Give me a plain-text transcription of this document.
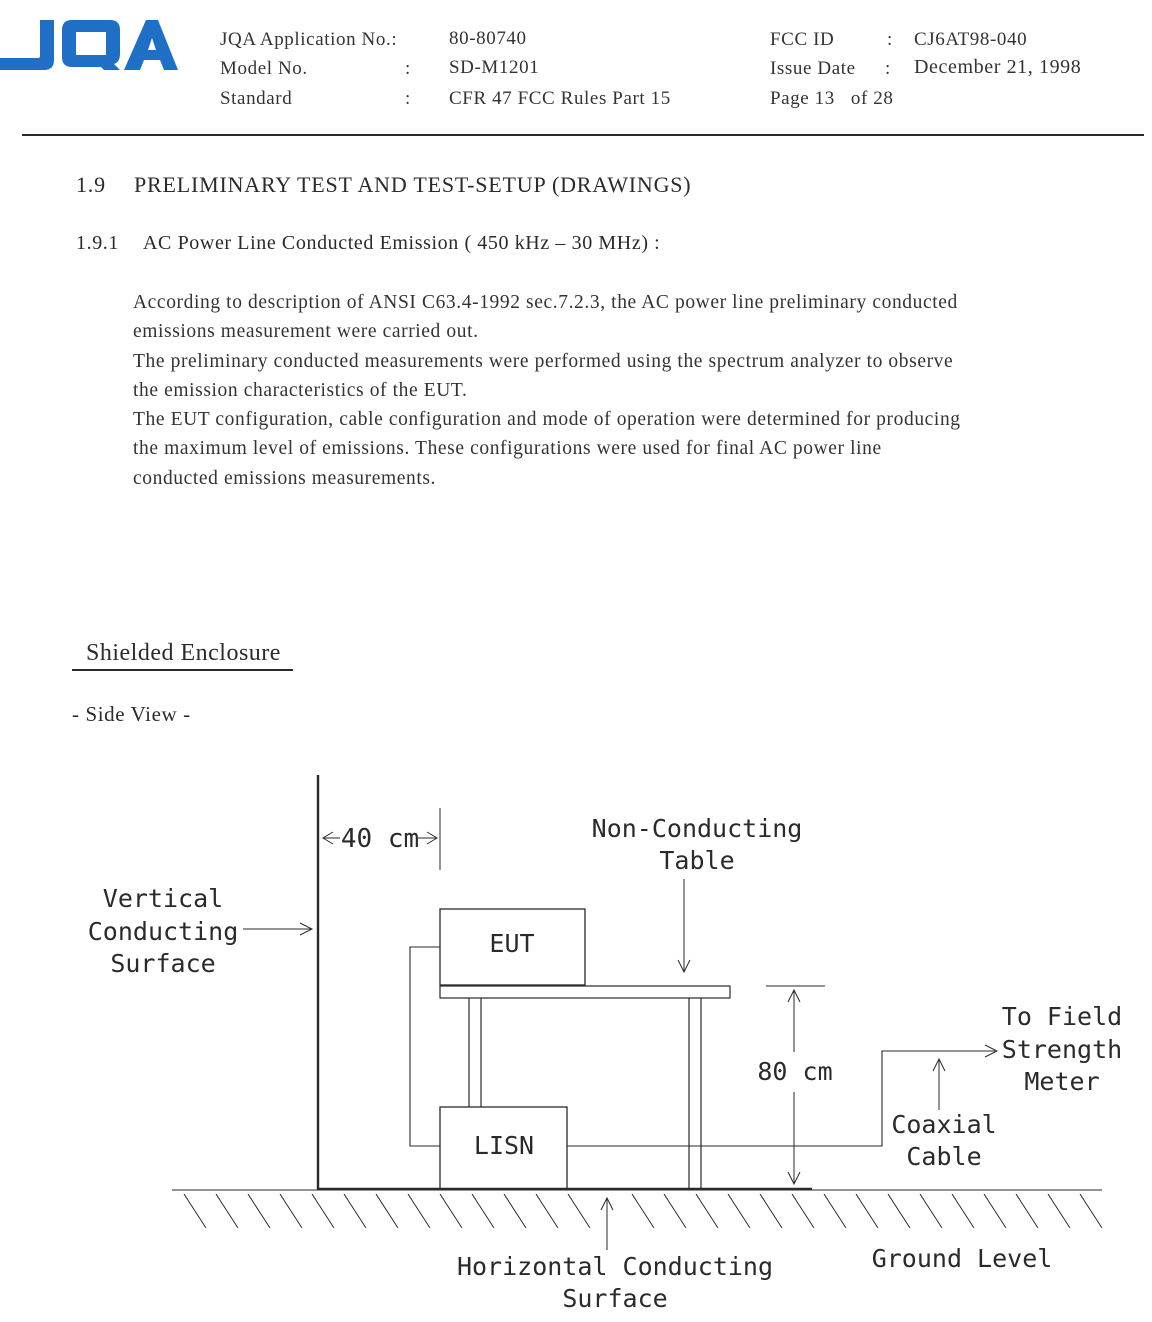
JQA Application No.:	80-80740
Model No.	: SD-M1201
Standard	: CFR 47 FCC Rules Part 15
FCC ID	: CJ6AT98-040
Issue Date : December 21, 1998
Page 13   of 28
1.9 PRELIMINARY TEST AND TEST-SETUP (DRAWINGS)
1.9.1 AC Power Line Conducted Emission ( 450 kHz – 30 MHz) :
According to description of ANSI C63.4-1992 sec.7.2.3, the AC power line preliminary conducted
emissions measurement were carried out.
The preliminary conducted measurements were performed using the spectrum analyzer to observe
the emission characteristics of the EUT.
The EUT configuration, cable configuration and mode of operation were determined for producing
the maximum level of emissions. These configurations were used for final AC power line
conducted emissions measurements.
Shielded Enclosure
- Side View -
40 cm	Non-Conducting
Table
Vertical
Conducting
Surface
EUT
LISN
80 cm
To Field
Strength
Meter
Coaxial
Cable
Ground Level
Horizontal Conducting
Surface
